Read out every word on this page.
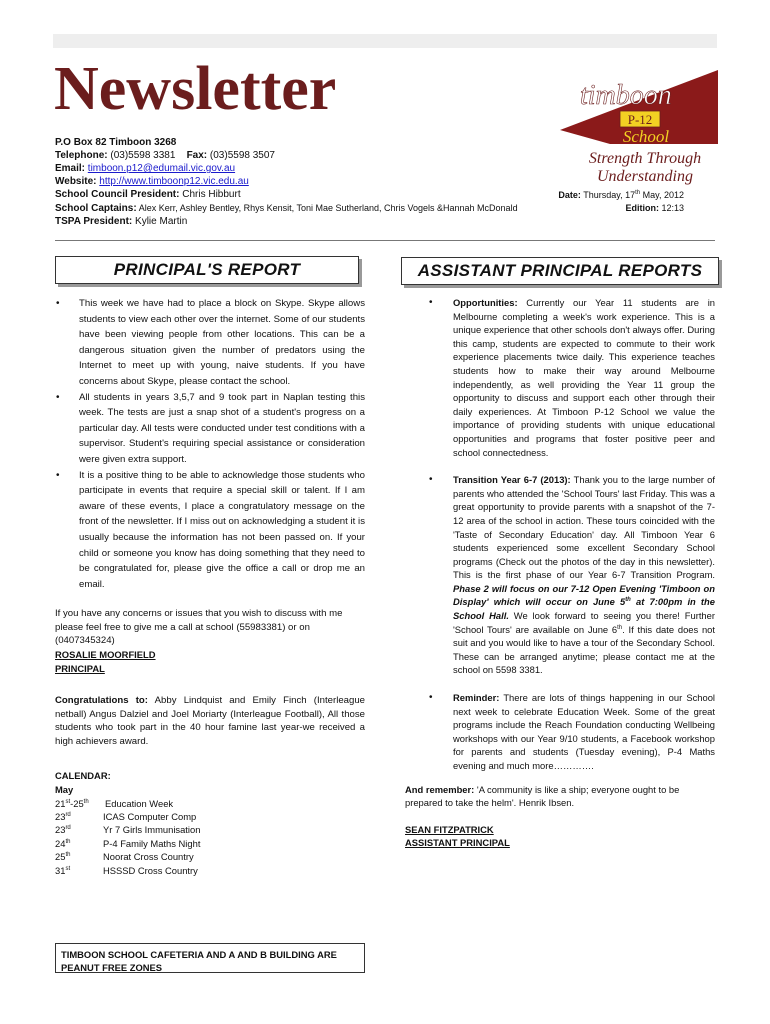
Newsletter
P.O Box 82 Timboon 3268
Telephone: (03)5598 3381 Fax: (03)5598 3507
Email: timboon.p12@edumail.vic.gov.au
Website: http://www.timboonp12.vic.edu.au
School Council President: Chris Hibburt
School Captains: Alex Kerr, Ashley Bentley, Rhys Kensit, Toni Mae Sutherland, Chris Vogels &Hannah McDonald
TSPA President: Kylie Martin
timboon
P-12
School
Strength Through
Understanding
Date: Thursday, 17th May, 2012
Edition: 12:13
PRINCIPAL'S REPORT	ASSISTANT PRINCIPAL REPORTS
• This week we have had to place a block on Skype. Skype allows students to view each other over the internet. Some of our students have been viewing people from other locations. This can be a dangerous situation given the number of predators using the Internet to meet up with young, naive students. If you have concerns about Skype, please contact the school.
• All students in years 3,5,7 and 9 took part in Naplan testing this week. The tests are just a snap shot of a student's progress on a particular day. All tests were conducted under test conditions with a supervisor. Student's requiring special assistance or consideration were given extra support.
• It is a positive thing to be able to acknowledge those students who participate in events that require a special skill or talent. If I am aware of these events, I place a congratulatory message on the front of the newsletter. If I miss out on acknowledging a student it is usually because the information has not been passed on. If your child or someone you know has doing something that they need to be congratulated for, please give the office a call or drop me an email.

If you have any concerns or issues that you wish to discuss with me please feel free to give me a call at school (55983381) or on (0407345324)

ROSALIE MOORFIELD

PRINCIPAL

Congratulations to: Abby Lindquist and Emily Finch (Interleague netball) Angus Dalziel and Joel Moriarty (Interleague Football), All those students who took part in the 40 hour famine last year-we received a high achievers award.

CALENDAR:
May
21st-25th	Education Week
23rd	ICAS Computer Comp
23rd	Yr 7 Girls Immunisation
24th	P-4 Family Maths Night
25th	Noorat Cross Country
31st	HSSSD Cross Country
TIMBOON SCHOOL CAFETERIA AND A AND B BUILDING ARE PEANUT FREE ZONES
• Opportunities: Currently our Year 11 students are in Melbourne completing a week's work experience. This is a unique experience that other schools don't always offer. During this camp, students are expected to commute to their work experience placements twice daily. This experience teaches students how to make their way around Melbourne independently, as well providing the Year 11 group the opportunity to discuss and support each other through their daily experiences. At Timboon P-12 School we value the importance of providing students with unique educational opportunities and programs that foster positive peer and school connectedness.
• Transition Year 6-7 (2013): Thank you to the large number of parents who attended the 'School Tours' last Friday. This was a great opportunity to provide parents with a snapshot of the 7-12 area of the school in action. These tours coincided with the 'Taste of Secondary Education' day. All Timboon Year 6 students experienced some excellent Secondary School programs (Check out the photos of the day in this newsletter). This is the first phase of our Year 6-7 Transition Program. Phase 2 will focus on our 7-12 Open Evening 'Timboon on Display' which will occur on June 5th at 7:00pm in the School Hall. We look forward to seeing you there! Further 'School Tours' are available on June 6th. If this date does not suit and you would like to have a tour of the Secondary School. These can be arranged anytime; please contact me at the school on 5598 3381.
• Reminder: There are lots of things happening in our School next week to celebrate Education Week. Some of the great programs include the Reach Foundation conducting Wellbeing workshops with our Year 9/10 students, a Facebook workshop for parents and students (Tuesday evening), P-4 Maths evening and much more………….

And remember: 'A community is like a ship; everyone ought to be prepared to take the helm'. Henrik Ibsen.

SEAN FITZPATRICK

ASSISTANT PRINCIPAL
